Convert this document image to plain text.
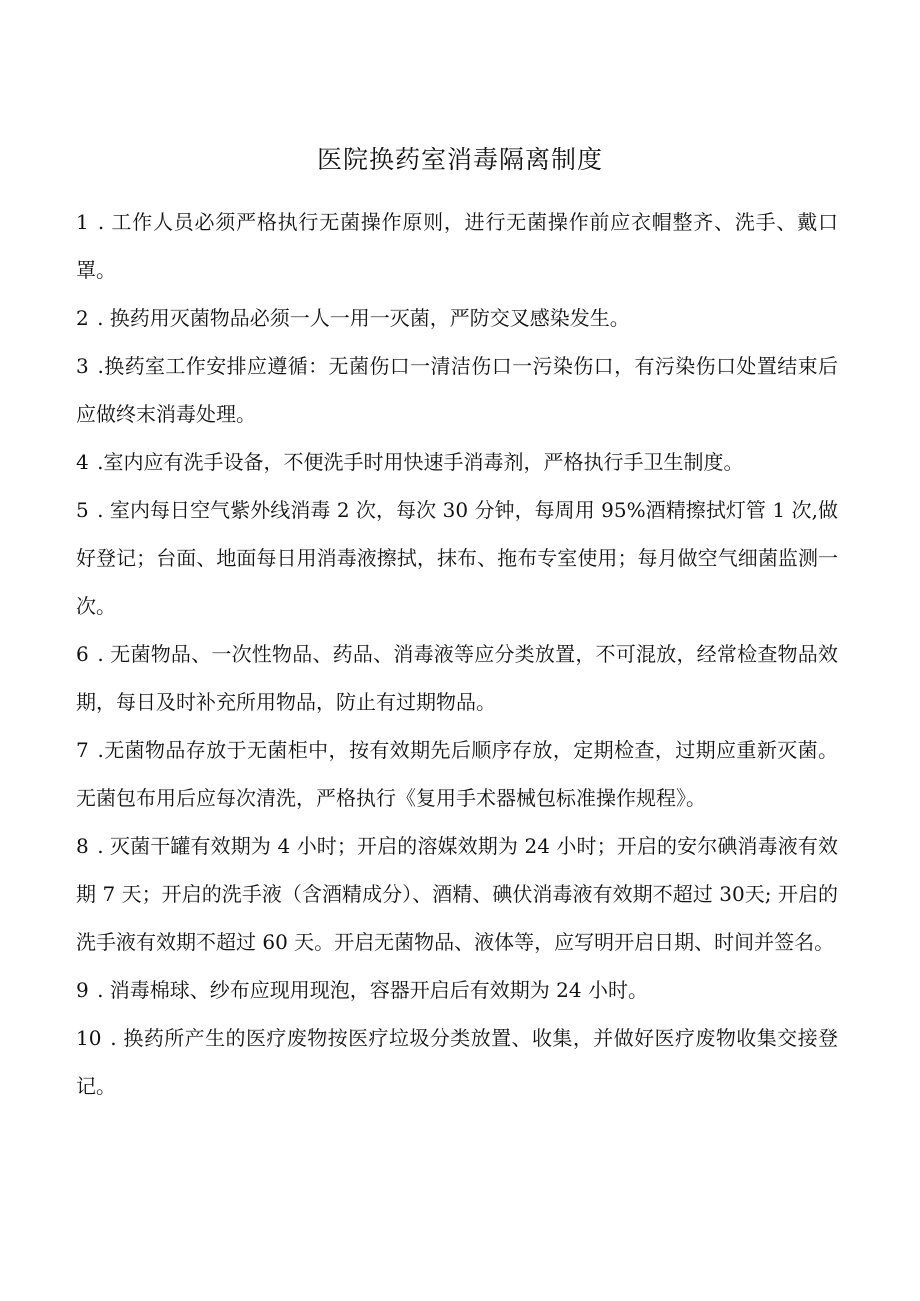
医院换药室消毒隔离制度
1 . 工作人员必须严格执行无菌操作原则，进行无菌操作前应衣帽整齐、洗手、戴口罩。
2 . 换药用灭菌物品必须一人一用一灭菌，严防交叉感染发生。
3 .换药室工作安排应遵循：无菌伤口一清洁伤口一污染伤口，有污染伤口处置结束后应做终末消毒处理。
4 .室内应有洗手设备，不便洗手时用快速手消毒剂，严格执行手卫生制度。
5 . 室内每日空气紫外线消毒 2 次，每次 30 分钟，每周用 95%酒精擦拭灯管 1 次,做好登记；台面、地面每日用消毒液擦拭，抹布、拖布专室使用；每月做空气细菌监测一次。
6 . 无菌物品、一次性物品、药品、消毒液等应分类放置，不可混放，经常检查物品效期，每日及时补充所用物品，防止有过期物品。
7 .无菌物品存放于无菌柜中，按有效期先后顺序存放，定期检查，过期应重新灭菌。无菌包布用后应每次清洗，严格执行《复用手术器械包标准操作规程》。
8 . 灭菌干罐有效期为 4 小时；开启的溶媒效期为 24 小时；开启的安尔碘消毒液有效期 7 天；开启的洗手液（含酒精成分）、酒精、碘伏消毒液有效期不超过 30天; 开启的洗手液有效期不超过 60 天。开启无菌物品、液体等，应写明开启日期、时间并签名。
9 . 消毒棉球、纱布应现用现泡，容器开启后有效期为 24 小时。
10 . 换药所产生的医疗废物按医疗垃圾分类放置、收集，并做好医疗废物收集交接登记。
